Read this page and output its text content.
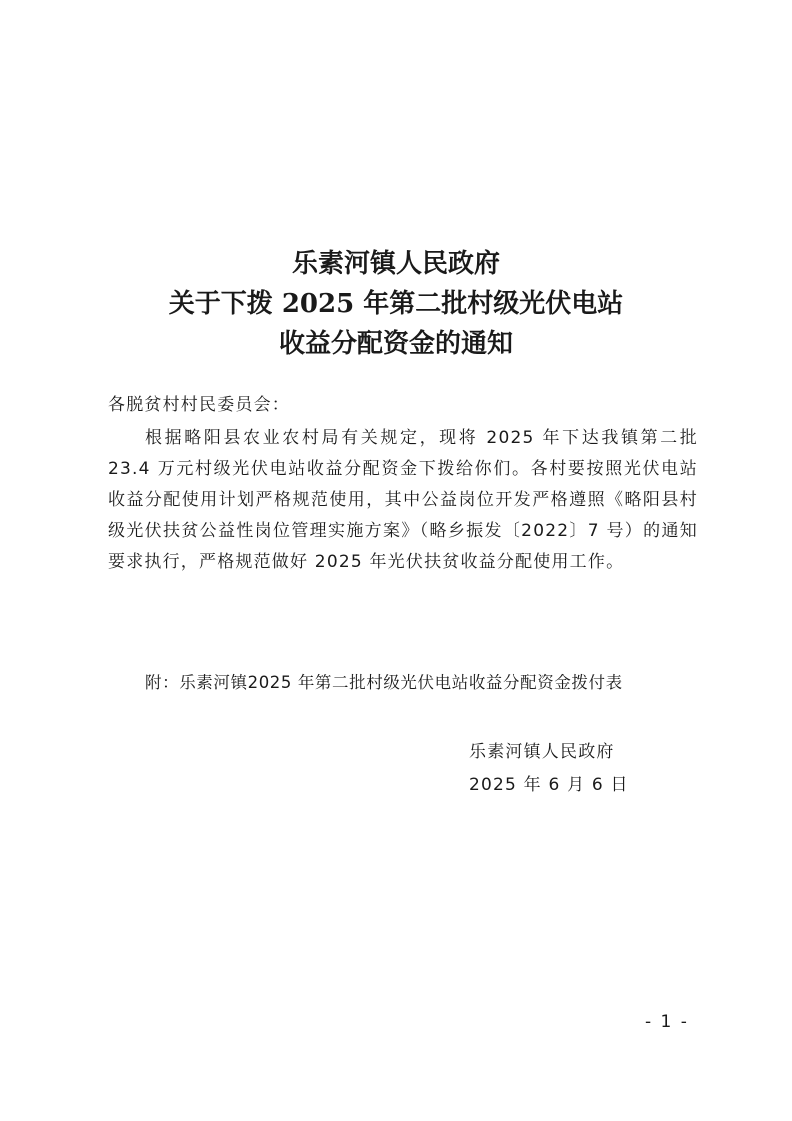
乐素河镇人民政府
关于下拨 2025 年第二批村级光伏电站
收益分配资金的通知
各脱贫村村民委员会：
根据略阳县农业农村局有关规定，现将 2025 年下达我镇第二批 23.4 万元村级光伏电站收益分配资金下拨给你们。各村要按照光伏电站收益分配使用计划严格规范使用，其中公益岗位开发严格遵照《略阳县村级光伏扶贫公益性岗位管理实施方案》（略乡振发〔2022〕7 号）的通知要求执行，严格规范做好 2025 年光伏扶贫收益分配使用工作。
附：乐素河镇2025 年第二批村级光伏电站收益分配资金拨付表
乐素河镇人民政府
2025 年 6 月 6 日
- 1 -
